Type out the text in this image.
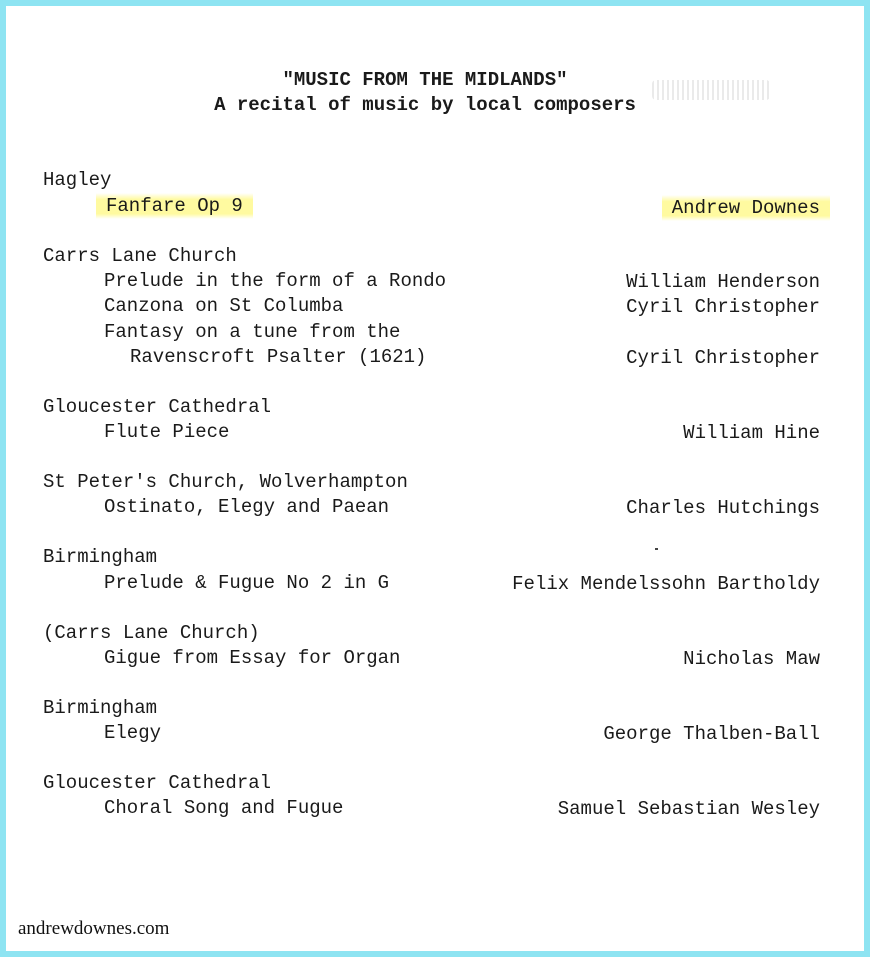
"MUSIC FROM THE MIDLANDS"
A recital of music by local composers
Hagley
Fanfare Op 9	Andrew Downes
Carrs Lane Church
Prelude in the form of a Rondo	William Henderson
Canzona on St Columba	Cyril Christopher
Fantasy on a tune from the
Ravenscroft Psalter (1621)	Cyril Christopher
Gloucester Cathedral
Flute Piece	William Hine
St Peter's Church, Wolverhampton
Ostinato, Elegy and Paean	Charles Hutchings
Birmingham
Prelude & Fugue No 2 in G	Felix Mendelssohn Bartholdy
(Carrs Lane Church)
Gigue from Essay for Organ	Nicholas Maw
Birmingham
Elegy	George Thalben-Ball
Gloucester Cathedral
Choral Song and Fugue	Samuel Sebastian Wesley
andrewdownes.com
